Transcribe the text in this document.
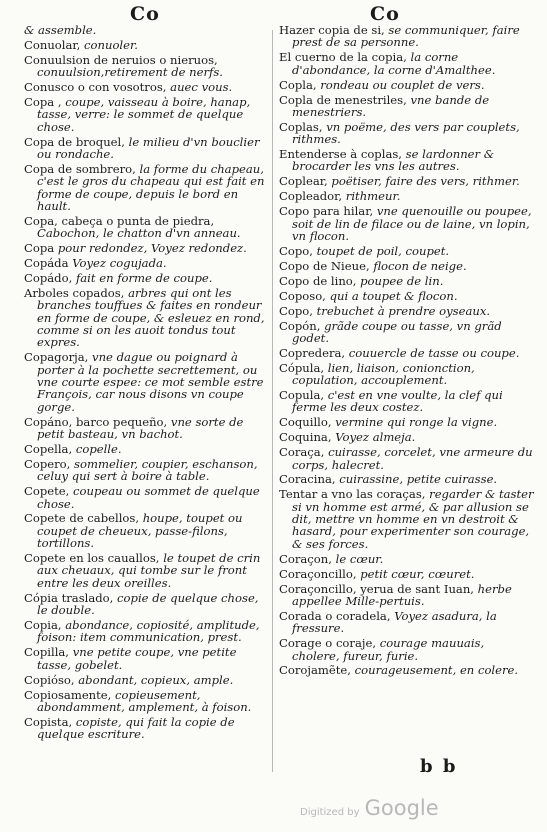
Co	Co
& assemble.
Conuolar, conuoler.
Conuulsion de neruios o nieruos, conuulsion,retirement de nerfs.
Conusco o con vosotros, auec vous.
Copa , coupe, vaisseau à boire, hanap, tasse, verre: le sommet de quelque chose.
Copa de broquel, le milieu d'vn bouclier ou rondache.
Copa de sombrero, la forme du chapeau, c'est le gros du chapeau qui est fait en forme de coupe, depuis le bord en hault.
Copa, cabeça o punta de piedra, Cabochon, le chatton d'vn anneau.
Copa pour redondez, Voyez redondez.
Copáda Voyez cogujada.
Copádo, fait en forme de coupe.
Arboles copados, arbres qui ont les branches touffues & faites en rondeur en forme de coupe, & esleuez en rond, comme si on les auoit tondus tout expres.
Copagorja, vne dague ou poignard à porter à la pochette secrettement, ou vne courte espee: ce mot semble estre François, car nous disons vn coupe gorge.
Copáno, barco pequeño, vne sorte de petit basteau, vn bachot.
Copella, copelle.
Copero, sommelier, coupier, eschanson, celuy qui sert à boire à table.
Copete, coupeau ou sommet de quelque chose.
Copete de cabellos, houpe, toupet ou coupet de cheueux, passe-filons, tortillons.
Copete en los cauallos, le toupet de crin aux cheuaux, qui tombe sur le front entre les deux oreilles.
Cópia traslado, copie de quelque chose, le double.
Copia, abondance, copiosité, amplitude, foison: item communication, prest.
Copilla, vne petite coupe, vne petite tasse, gobelet.
Copióso, abondant, copieux, ample.
Copiosamente, copieusement, abondamment, amplement, à foison.
Copista, copiste, qui fait la copie de quelque escriture.
Hazer copia de si, se communiquer, faire prest de sa personne.
El cuerno de la copia, la corne d'abondance, la corne d'Amalthee.
Copla, rondeau ou couplet de vers.
Copla de menestriles, vne bande de menestriers.
Coplas, vn poëme, des vers par couplets, rithmes.
Entenderse à coplas, se lardonner & brocarder les vns les autres.
Coplear, poëtiser, faire des vers, rithmer.
Copleador, rithmeur.
Copo para hilar, vne quenouille ou poupee, soit de lin de filace ou de laine, vn lopin, vn flocon.
Copo, toupet de poil, coupet.
Copo de Nieue, flocon de neige.
Copo de lino, poupee de lin.
Coposo, qui a toupet & flocon.
Copo, trebuchet à prendre oyseaux.
Copón, grãde coupe ou tasse, vn grãd godet.
Copredera, couuercle de tasse ou coupe.
Cópula, lien, liaison, conionction, copulation, accouplement.
Copula, c'est en vne voulte, la clef qui ferme les deux costez.
Coquillo, vermine qui ronge la vigne.
Coquina, Voyez almeja.
Coraça, cuirasse, corcelet, vne armeure du corps, halecret.
Coracina, cuirassine, petite cuirasse.
Tentar a vno las coraças, regarder & taster si vn homme est armé, & par allusion se dit, mettre vn homme en vn destroit & hasard, pour experimenter son courage, & ses forces.
Coraçon, le cœur.
Coraçoncillo, petit cœur, cœuret.
Coraçoncillo, yerua de sant Iuan, herbe appellee Mille-pertuis.
Corada o coradela, Voyez asadura, la fressure.
Corage o coraje, courage mauuais, cholere, fureur, furie.
Corojamẽte, courageusement, en colere.
b b
Digitized by Google
